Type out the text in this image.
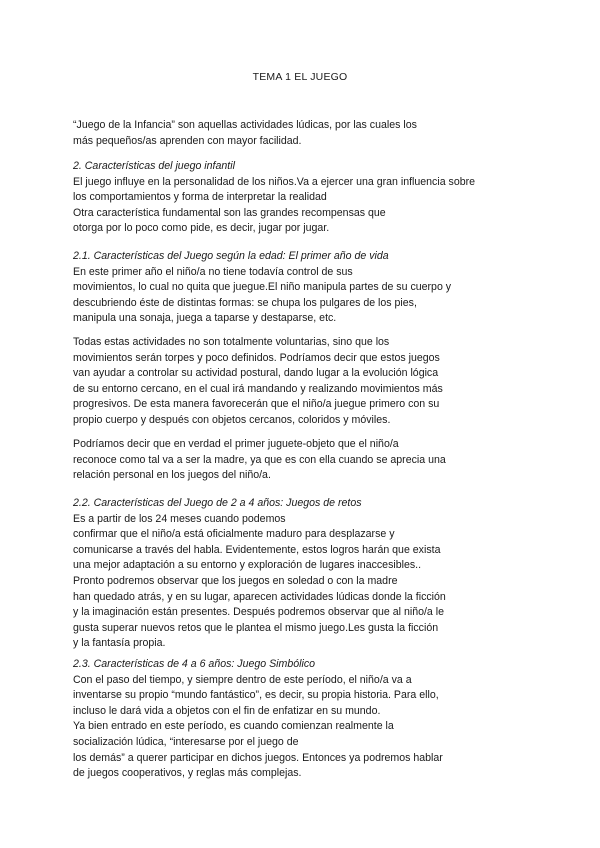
TEMA 1 EL JUEGO
“Juego de la Infancia” son aquellas actividades lúdicas, por las cuales los
más pequeños/as aprenden con mayor facilidad.
2. Características del juego infantil
El juego influye en la personalidad de los niños.Va a ejercer una gran influencia sobre
los comportamientos y forma de interpretar la realidad
Otra característica fundamental son las grandes recompensas que
otorga por lo poco como pide, es decir, jugar por jugar.
2.1. Características del Juego según la edad: El primer año de vida
En este primer año el niño/a no tiene todavía control de sus
movimientos, lo cual no quita que juegue.El niño manipula partes de su cuerpo y
descubriendo éste de distintas formas: se chupa los pulgares de los pies,
manipula una sonaja, juega a taparse y destaparse, etc.
Todas estas actividades no son totalmente voluntarias, sino que los
movimientos serán torpes y poco definidos. Podríamos decir que estos juegos
van ayudar a controlar su actividad postural, dando lugar a la evolución lógica
de su entorno cercano, en el cual irá mandando y realizando movimientos más
progresivos. De esta manera favorecerán que el niño/a juegue primero con su
propio cuerpo y después con objetos cercanos, coloridos y móviles.
Podríamos decir que en verdad el primer juguete-objeto que el niño/a
reconoce como tal va a ser la madre, ya que es con ella cuando se aprecia una
relación personal en los juegos del niño/a.
2.2. Características del Juego de 2 a 4 años: Juegos de retos
Es a partir de los 24 meses cuando podemos
confirmar que el niño/a está oficialmente maduro para desplazarse y
comunicarse a través del habla. Evidentemente, estos logros harán que exista
una mejor adaptación a su entorno y exploración de lugares inaccesibles..
Pronto podremos observar que los juegos en soledad o con la madre
han quedado atrás, y en su lugar, aparecen actividades lúdicas donde la ficción
y la imaginación están presentes. Después podremos observar que al niño/a le
gusta superar nuevos retos que le plantea el mismo juego.Les gusta la ficción
y la fantasía propia.
2.3. Características de 4 a 6 años: Juego Simbólico
Con el paso del tiempo, y siempre dentro de este período, el niño/a va a
inventarse su propio “mundo fantástico”, es decir, su propia historia. Para ello,
incluso le dará vida a objetos con el fin de enfatizar en su mundo.
Ya bien entrado en este período, es cuando comienzan realmente la
socialización lúdica, “interesarse por el juego de
los demás” a querer participar en dichos juegos. Entonces ya podremos hablar
de juegos cooperativos, y reglas más complejas.
